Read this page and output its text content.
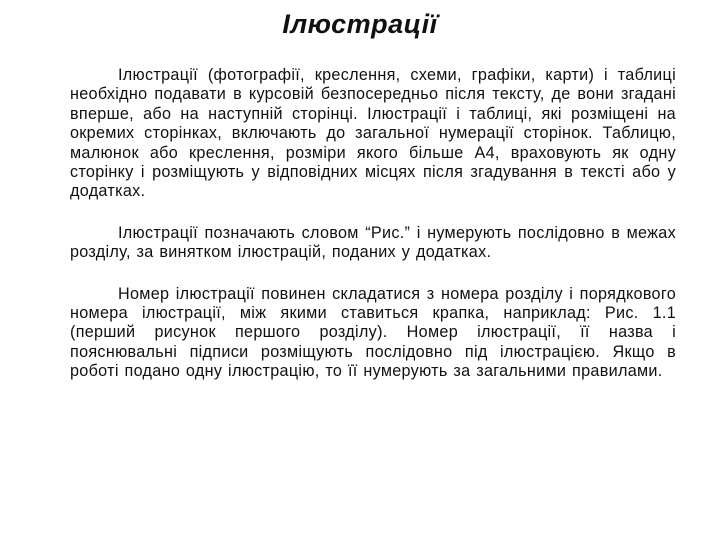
Ілюстрації

Ілюстрації (фотографії, креслення, схеми, графіки, карти) і таблиці необхідно подавати в курсовій безпосередньо після тексту, де вони згадані вперше, або на наступній сторінці. Ілюстрації і таблиці, які розміщені на окремих сторінках, включають до загальної нумерації сторінок. Таблицю, малюнок або креслення, розміри якого більше А4, враховують як одну сторінку і розміщують у відповідних місцях після згадування в тексті або у додатках.

Ілюстрації позначають словом “Рис.” і нумерують послідовно в межах розділу, за винятком ілюстрацій, поданих у додатках.

Номер ілюстрації повинен складатися з номера розділу і порядкового номера ілюстрації, між якими ставиться крапка, наприклад: Рис. 1.1 (перший рисунок першого розділу). Номер ілюстрації, її назва і пояснювальні підписи розміщують послідовно під ілюстрацією. Якщо в роботі подано одну ілюстрацію, то її нумерують за загальними правилами.
